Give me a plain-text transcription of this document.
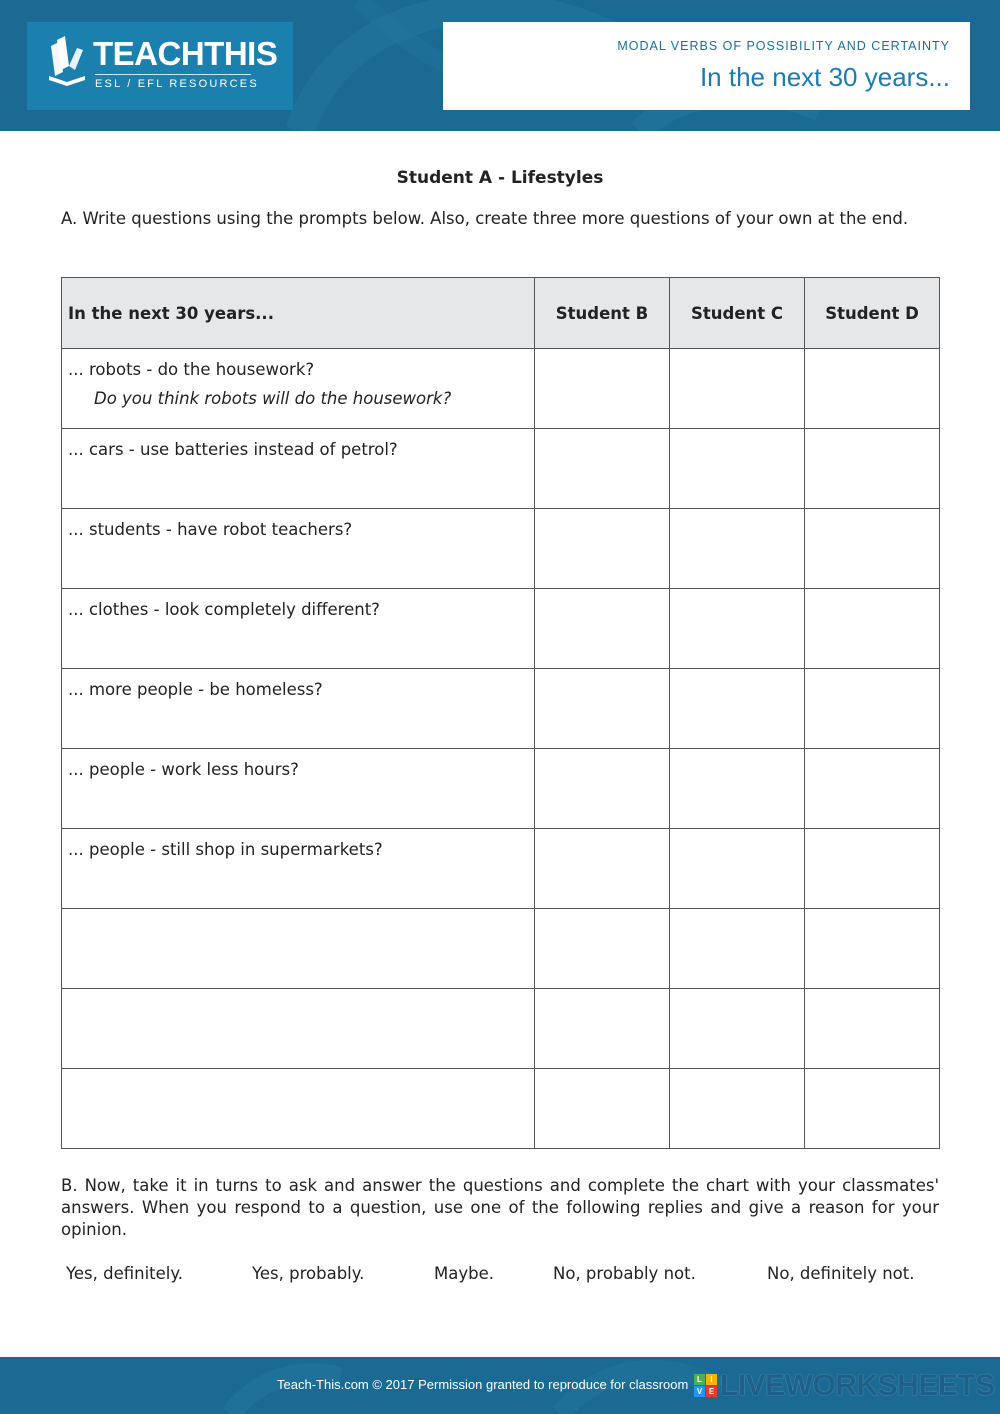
TEACHTHIS
ESL / EFL RESOURCES
MODAL VERBS OF POSSIBILITY AND CERTAINTY
In the next 30 years...
Student A - Lifestyles
A. Write questions using the prompts below. Also, create three more questions of your own at the end.
In the next 30 years...	Student B	Student C	Student D

... robots - do the housework?
Do you think robots will do the housework?			

... cars - use batteries instead of petrol?			

... students - have robot teachers?			

... clothes - look completely different?			

... more people - be homeless?			

... people - work less hours?			

... people - still shop in supermarkets?			

B. Now, take it in turns to ask and answer the questions and complete the chart with your classmates' answers. When you respond to a question, use one of the following replies and give a reason for your opinion.
Yes, definitely.	Yes, probably.	Maybe.	No, probably not.	No, definitely not.
Teach-This.com © 2017 Permission granted to reproduce for classroom	L	I
V E LIVEWORKSHEETS
